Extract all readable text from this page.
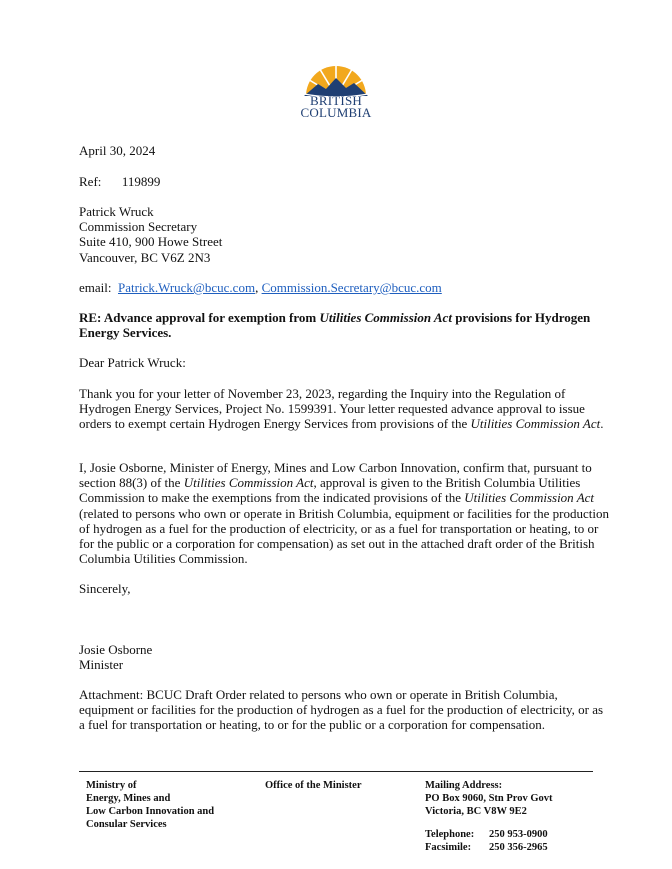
BRITISH
COLUMBIA
April 30, 2024
Ref: 119899
Patrick Wruck
Commission Secretary
Suite 410, 900 Howe Street
Vancouver, BC V6Z 2N3
email: Patrick.Wruck@bcuc.com, Commission.Secretary@bcuc.com
RE: Advance approval for exemption from Utilities Commission Act provisions for Hydrogen Energy Services.
Dear Patrick Wruck:
Thank you for your letter of November 23, 2023, regarding the Inquiry into the Regulation of Hydrogen Energy Services, Project No. 1599391. Your letter requested advance approval to issue orders to exempt certain Hydrogen Energy Services from provisions of the Utilities Commission Act.
I, Josie Osborne, Minister of Energy, Mines and Low Carbon Innovation, confirm that, pursuant to section 88(3) of the Utilities Commission Act, approval is given to the British Columbia Utilities Commission to make the exemptions from the indicated provisions of the Utilities Commission Act (related to persons who own or operate in British Columbia, equipment or facilities for the production of hydrogen as a fuel for the production of electricity, or as a fuel for transportation or heating, to or for the public or a corporation for compensation) as set out in the attached draft order of the British Columbia Utilities Commission.
Sincerely,
Josie Osborne
Minister
Attachment: BCUC Draft Order related to persons who own or operate in British Columbia, equipment or facilities for the production of hydrogen as a fuel for the production of electricity, or as a fuel for transportation or heating, to or for the public or a corporation for compensation.
Ministry of
Energy, Mines and
Low Carbon Innovation and
Consular Services
Office of the Minister	Mailing Address:
PO Box 9060, Stn Prov Govt
Victoria, BC V8W 9E2
Telephone: 250 953-0900
Facsimile: 250 356-2965
